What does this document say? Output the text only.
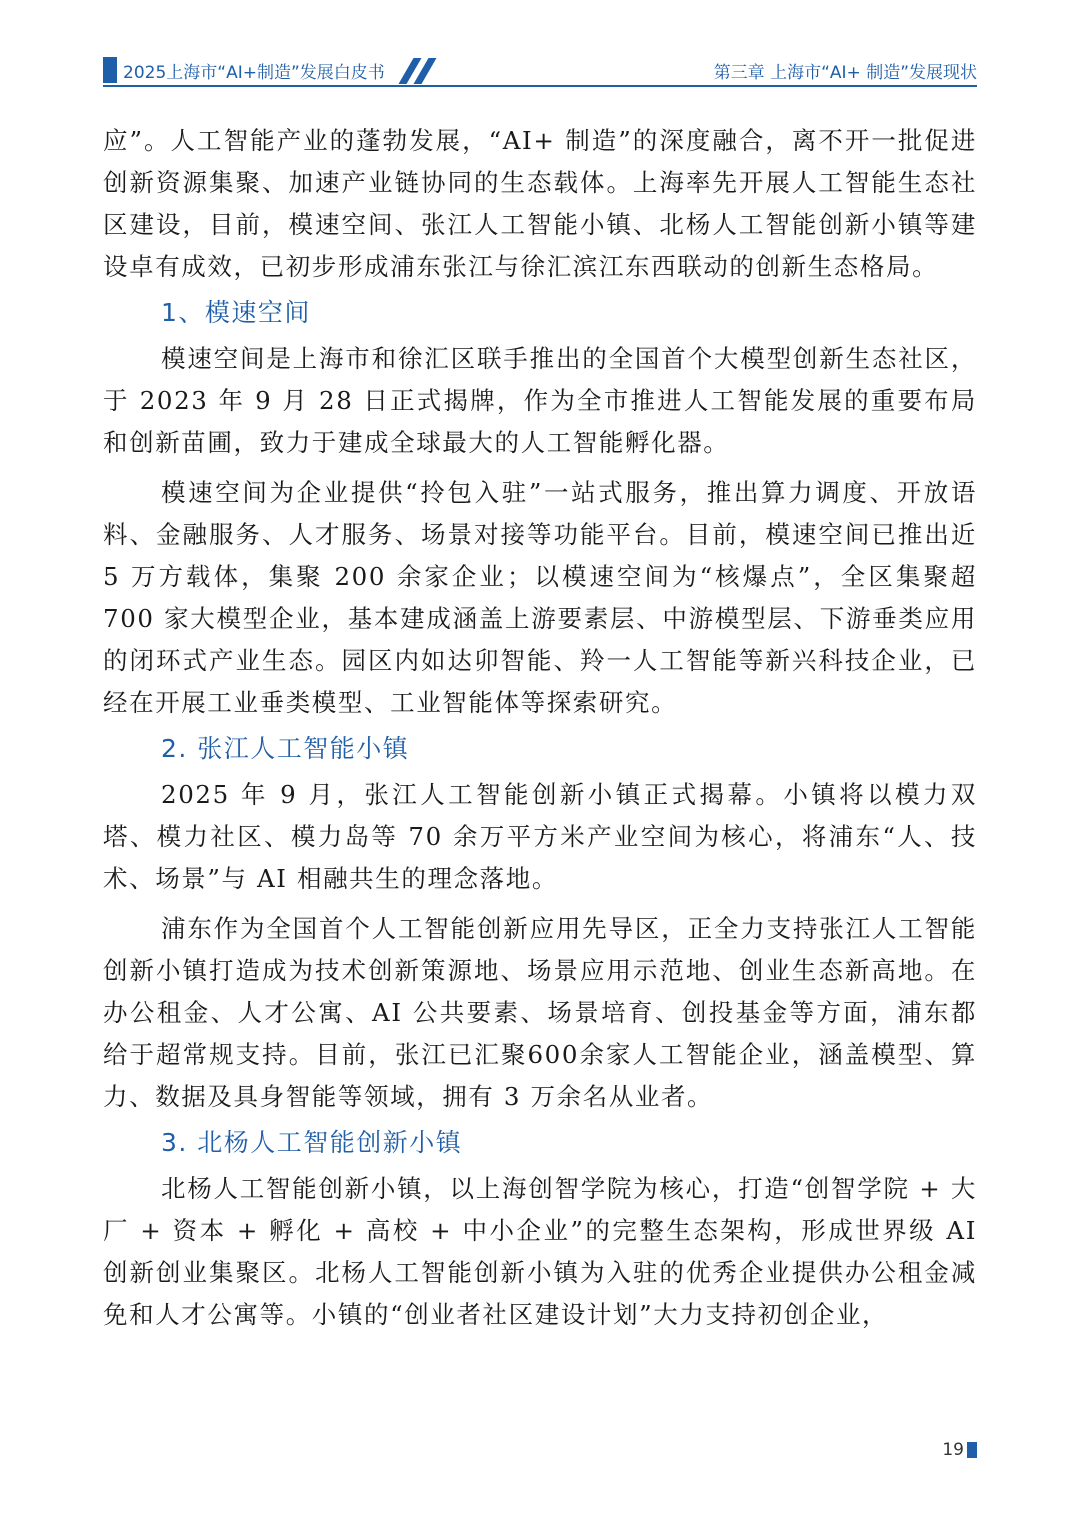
2025上海市“AI+制造”发展白皮书	第三章 上海市“AI+ 制造”发展现状

应”。人工智能产业的蓬勃发展，“AI+ 制造”的深度融合，离不开一批促进创新资源集聚、加速产业链协同的生态载体。上海率先开展人工智能生态社区建设，目前，模速空间、张江人工智能小镇、北杨人工智能创新小镇等建设卓有成效，已初步形成浦东张江与徐汇滨江东西联动的创新生态格局。

1、模速空间

模速空间是上海市和徐汇区联手推出的全国首个大模型创新生态社区，于 2023 年 9 月 28 日正式揭牌，作为全市推进人工智能发展的重要布局和创新苗圃，致力于建成全球最大的人工智能孵化器。

模速空间为企业提供“拎包入驻”一站式服务，推出算力调度、开放语料、金融服务、人才服务、场景对接等功能平台。目前，模速空间已推出近 5 万方载体，集聚 200 余家企业；以模速空间为“核爆点”，全区集聚超 700 家大模型企业，基本建成涵盖上游要素层、中游模型层、下游垂类应用的闭环式产业生态。园区内如达卯智能、羚一人工智能等新兴科技企业，已经在开展工业垂类模型、工业智能体等探索研究。

2. 张江人工智能小镇

2025 年 9 月，张江人工智能创新小镇正式揭幕。小镇将以模力双塔、模力社区、模力岛等 70 余万平方米产业空间为核心，将浦东“人、技术、场景”与 AI 相融共生的理念落地。

浦东作为全国首个人工智能创新应用先导区，正全力支持张江人工智能创新小镇打造成为技术创新策源地、场景应用示范地、创业生态新高地。在办公租金、人才公寓、AI 公共要素、场景培育、创投基金等方面，浦东都给于超常规支持。目前，张江已汇聚600余家人工智能企业，涵盖模型、算力、数据及具身智能等领域，拥有 3 万余名从业者。

3. 北杨人工智能创新小镇

北杨人工智能创新小镇，以上海创智学院为核心，打造“创智学院 + 大厂 + 资本 + 孵化 + 高校 + 中小企业”的完整生态架构，形成世界级 AI 创新创业集聚区。北杨人工智能创新小镇为入驻的优秀企业提供办公租金减免和人才公寓等。小镇的“创业者社区建设计划”大力支持初创企业，

19
